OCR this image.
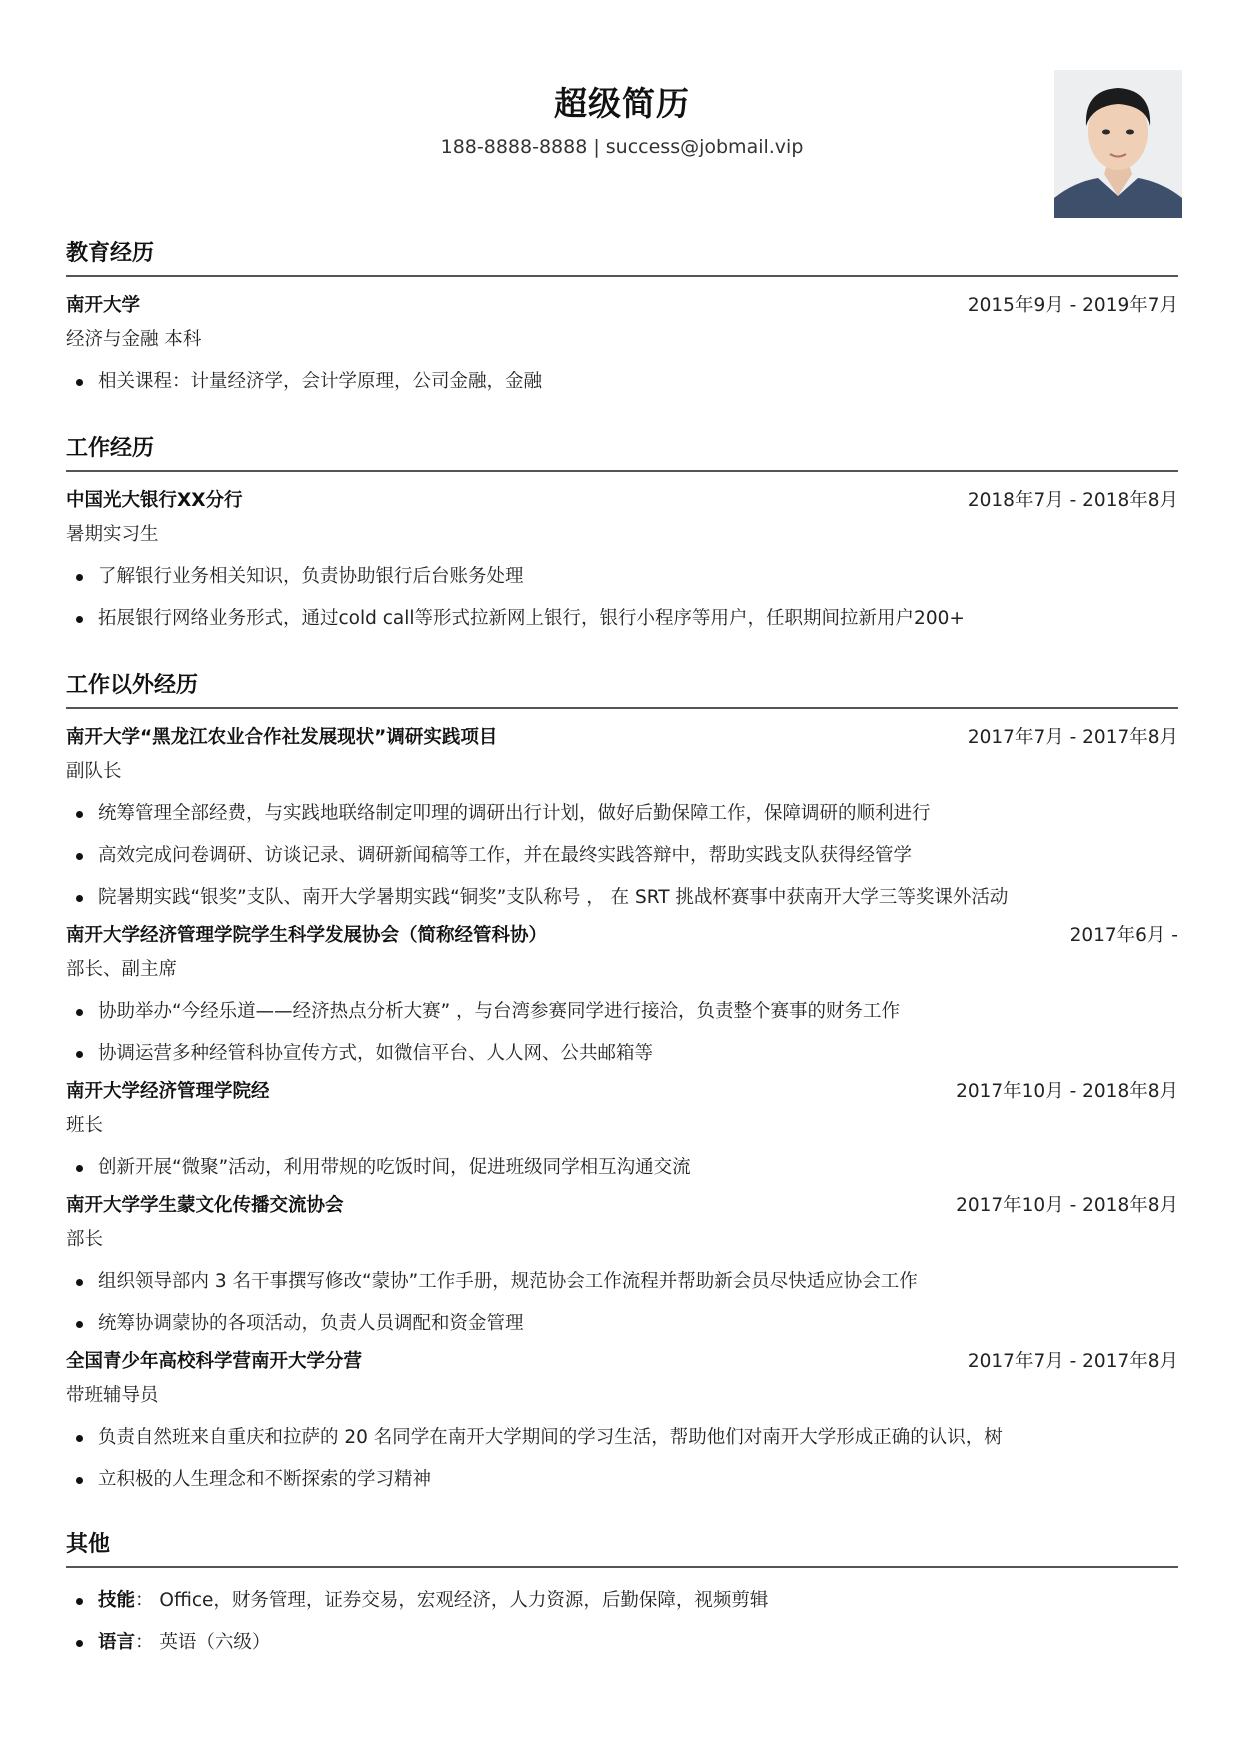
超级简历
188-8888-8888 | success@jobmail.vip
教育经历
南开大学	2015年9月 - 2019年7月
经济与金融 本科
相关课程：计量经济学，会计学原理，公司金融，金融
工作经历
中国光大银行XX分行	2018年7月 - 2018年8月
暑期实习生
了解银行业务相关知识，负责协助银行后台账务处理
拓展银行网络业务形式，通过cold call等形式拉新网上银行，银行小程序等用户，任职期间拉新用户200+
工作以外经历
南开大学“黑龙江农业合作社发展现状”调研实践项目	2017年7月 - 2017年8月
副队长
统筹管理全部经费，与实践地联络制定叩理的调研出行计划，做好后勤保障工作，保障调研的顺利进行
高效完成问卷调研、访谈记录、调研新闻稿等工作，并在最终实践答辩中，帮助实践支队获得经管学
院暑期实践“银奖”支队、南开大学暑期实践“铜奖”支队称号 ， 在 SRT 挑战杯赛事中获南开大学三等奖课外活动
南开大学经济管理学院学生科学发展协会（简称经管科协）	2017年6月 -
部长、副主席
协助举办“今经乐道——经济热点分析大赛” ，与台湾参赛同学进行接洽，负责整个赛事的财务工作
协调运营多种经管科协宣传方式，如微信平台、人人网、公共邮箱等
南开大学经济管理学院经	2017年10月 - 2018年8月
班长
创新开展“微聚”活动，利用带规的吃饭时间，促进班级同学相互沟通交流
南开大学学生蒙文化传播交流协会	2017年10月 - 2018年8月
部长
组织领导部内 3 名干事撰写修改“蒙协”工作手册，规范协会工作流程并帮助新会员尽快适应协会工作
统筹协调蒙协的各项活动，负责人员调配和资金管理
全国青少年高校科学营南开大学分营	2017年7月 - 2017年8月
带班辅导员
负责自然班来自重庆和拉萨的 20 名同学在南开大学期间的学习生活，帮助他们对南开大学形成正确的认识，树
立积极的人生理念和不断探索的学习精神
其他
技能： Office，财务管理，证券交易，宏观经济，人力资源，后勤保障，视频剪辑
语言： 英语（六级）
